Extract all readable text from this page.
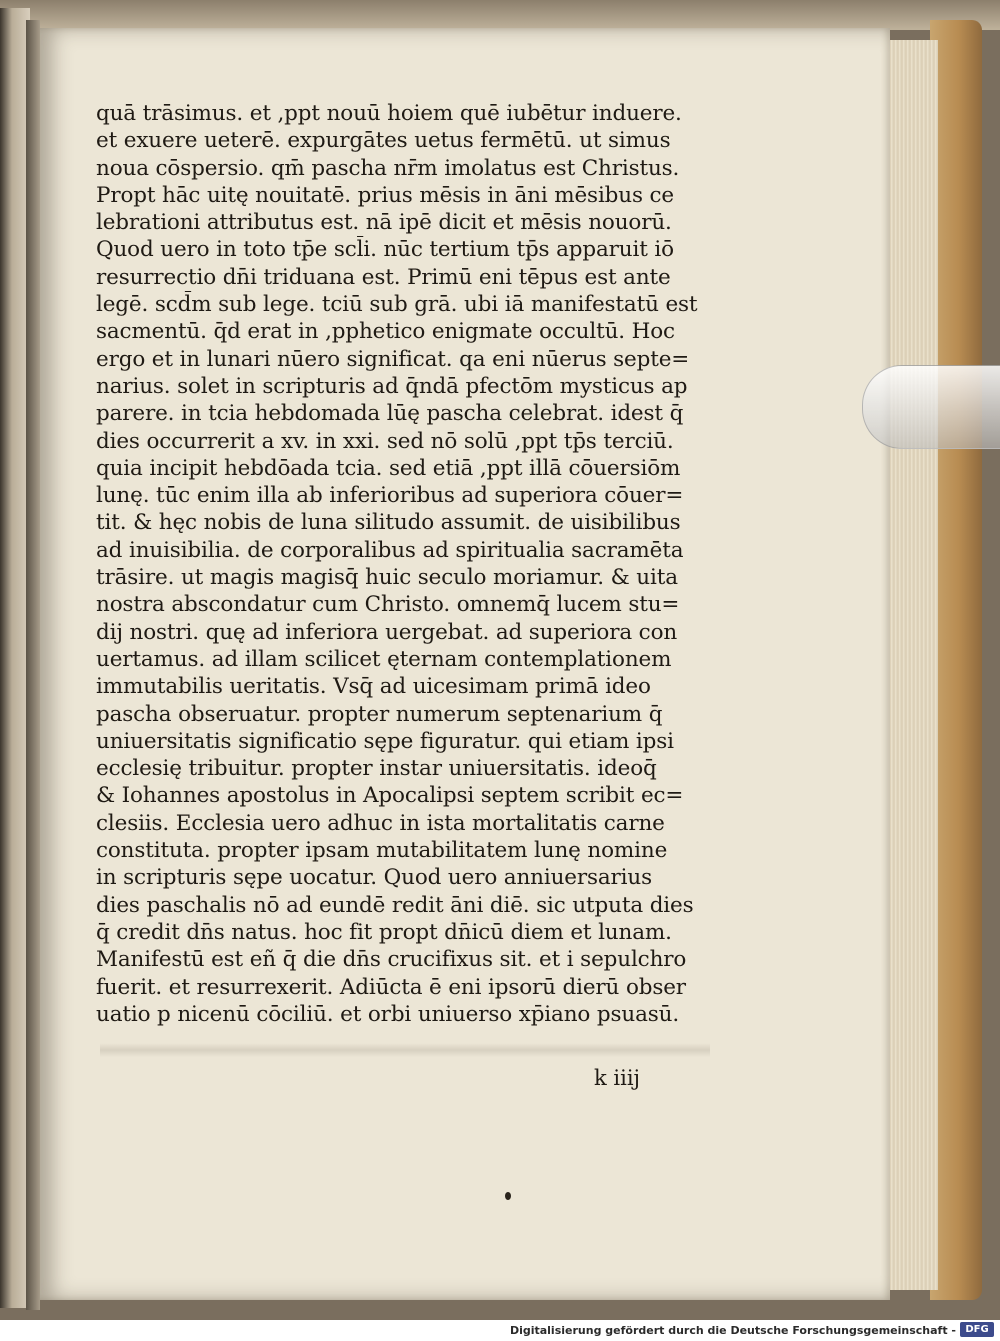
quā trāsimus. et ,ppt nouū hoiem quē iubētur induere.
et exuere ueterē. expurgātes uetus fermētū. ut simus
noua cōspersio. qm̄ pascha nr̄m imolatus est Christus.
Propt hāc uitę nouitatē. prius mēsis in āni mēsibus ce
lebrationi attributus est. nā ipē dicit et mēsis nouorū.
Quod uero in toto tp̄e scl̄i. nūc tertium tp̄s apparuit iō
resurrectio dn̄i triduana est. Primū eni tēpus est ante
legē. scd̄m sub lege. tciū sub grā. ubi iā manifestatū est
sacmentū. q̄d erat in ,pphetico enigmate occultū. Hoc
ergo et in lunari nūero significat. qa eni nūerus septe=
narius. solet in scripturis ad q̄ndā pfectōm mysticus ap
parere. in tcia hebdomada lūę pascha celebrat. idest q̄
dies occurrerit a xv. in xxi. sed nō solū ,ppt tp̄s terciū.
quia incipit hebdōada tcia. sed etiā ,ppt illā cōuersiōm
lunę. tūc enim illa ab inferioribus ad superiora cōuer=
tit. & hęc nobis de luna silitudo assumit. de uisibilibus
ad inuisibilia. de corporalibus ad spiritualia sacramēta
trāsire. ut magis magisq̄ huic seculo moriamur. & uita
nostra abscondatur cum Christo. omnemq̄ lucem stu=
dij nostri. quę ad inferiora uergebat. ad superiora con
uertamus. ad illam scilicet ęternam contemplationem
immutabilis ueritatis. Vsq̄ ad uicesimam primā ideo
pascha obseruatur. propter numerum septenarium q̄
uniuersitatis significatio sępe figuratur. qui etiam ipsi
ecclesię tribuitur. propter instar uniuersitatis. ideoq̄
& Iohannes apostolus in Apocalipsi septem scribit ec=
clesiis. Ecclesia uero adhuc in ista mortalitatis carne
constituta. propter ipsam mutabilitatem lunę nomine
in scripturis sępe uocatur. Quod uero anniuersarius
dies paschalis nō ad eundē redit āni diē. sic utputa dies
q̄ credit dn̄s natus. hoc fit propt dn̄icū diem et lunam.
Manifestū est eñ q̄ die dn̄s crucifixus sit. et i sepulchro
fuerit. et resurrexerit. Adiūcta ē eni ipsorū dierū obser
uatio p nicenū cōciliū. et orbi uniuerso xp̄iano psuasū.
k iiij
Digitalisierung gefördert durch die Deutsche Forschungsgemeinschaft - DFG
